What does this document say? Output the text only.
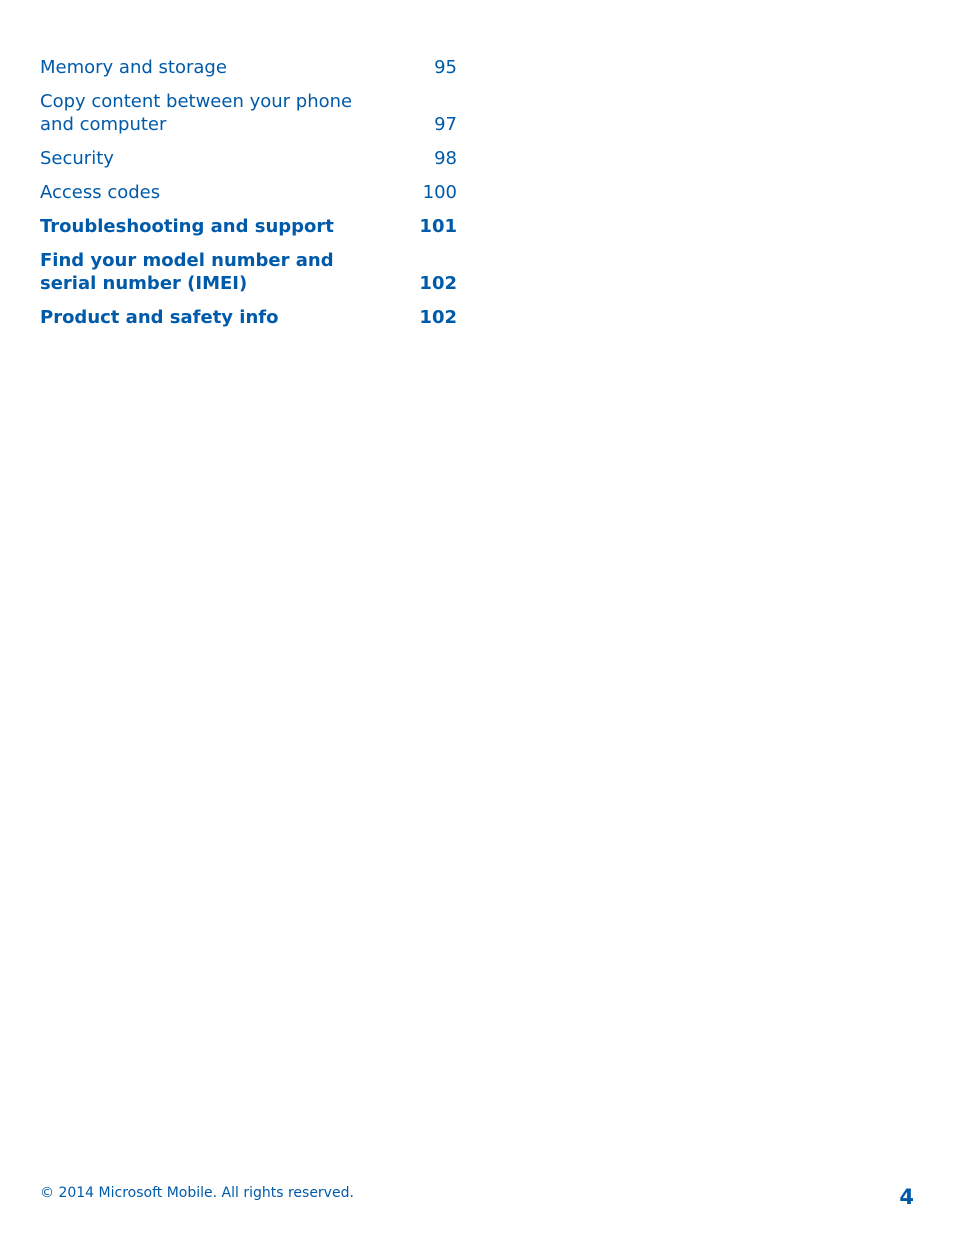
Memory and storage	95
Copy content between your phone and computer	97
Security	98
Access codes	100
Troubleshooting and support	101
Find your model number and serial number (IMEI)	102
Product and safety info	102
© 2014 Microsoft Mobile. All rights reserved.	4
